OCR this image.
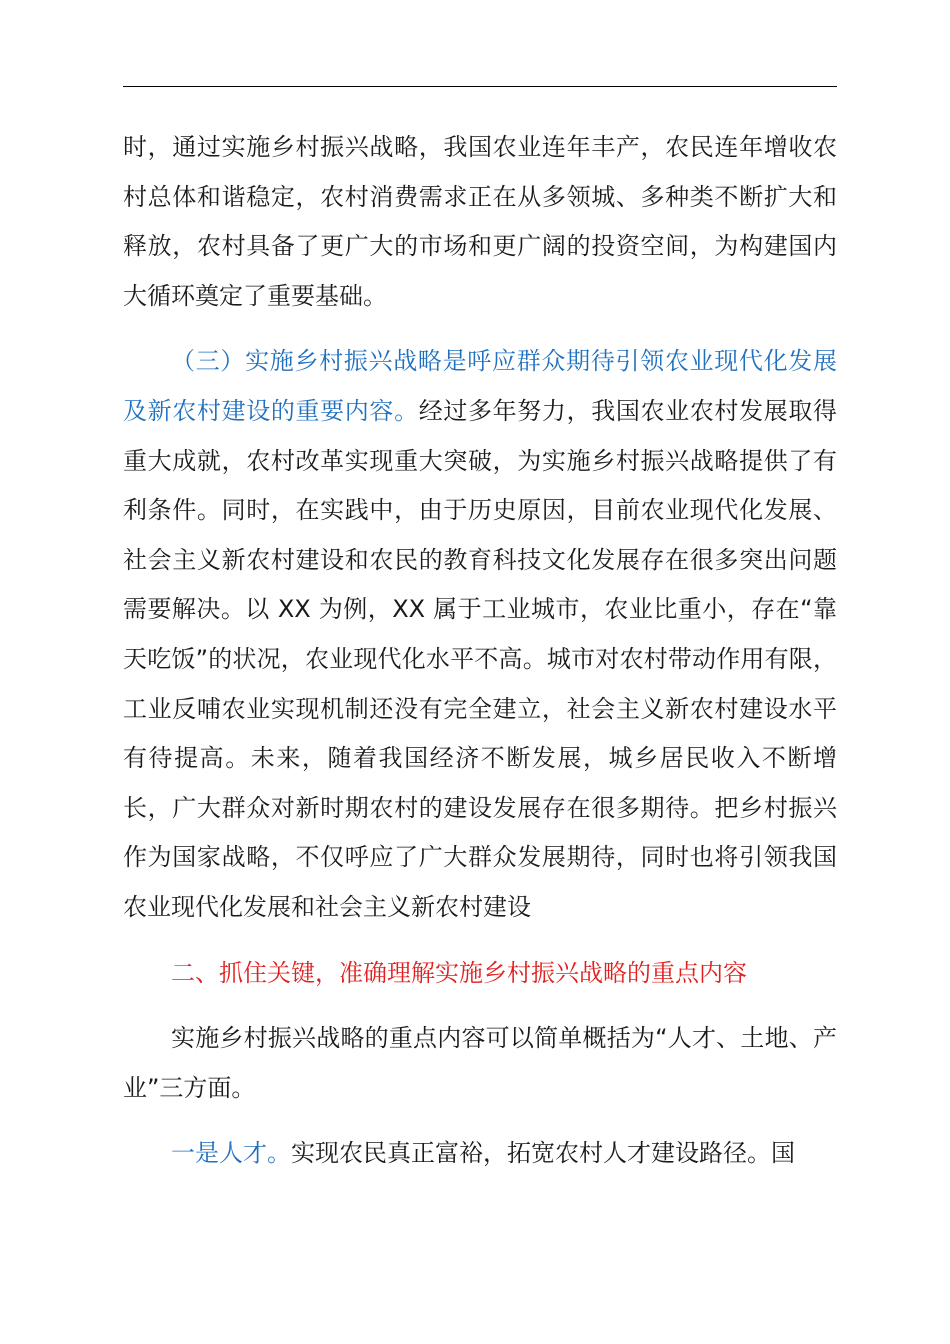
时，通过实施乡村振兴战略，我国农业连年丰产，农民连年增收农村总体和谐稳定，农村消费需求正在从多领城、多种类不断扩大和释放，农村具备了更广大的市场和更广阔的投资空间，为构建国内大循环奠定了重要基础。

（三）实施乡村振兴战略是呼应群众期待引领农业现代化发展及新农村建设的重要内容。经过多年努力，我国农业农村发展取得重大成就，农村改革实现重大突破，为实施乡村振兴战略提供了有利条件。同时，在实践中，由于历史原因，目前农业现代化发展、社会主义新农村建设和农民的教育科技文化发展存在很多突出问题需要解决。以 XX 为例，XX 属于工业城市，农业比重小，存在“靠天吃饭”的状况，农业现代化水平不高。城市对农村带动作用有限，工业反哺农业实现机制还没有完全建立，社会主义新农村建设水平有待提高。未来，随着我国经济不断发展，城乡居民收入不断增长，广大群众对新时期农村的建设发展存在很多期待。把乡村振兴作为国家战略，不仅呼应了广大群众发展期待，同时也将引领我国农业现代化发展和社会主义新农村建设

二、抓住关键，准确理解实施乡村振兴战略的重点内容

实施乡村振兴战略的重点内容可以简单概括为“人才、土地、产业”三方面。

一是人才。实现农民真正富裕，拓宽农村人才建设路径。国
